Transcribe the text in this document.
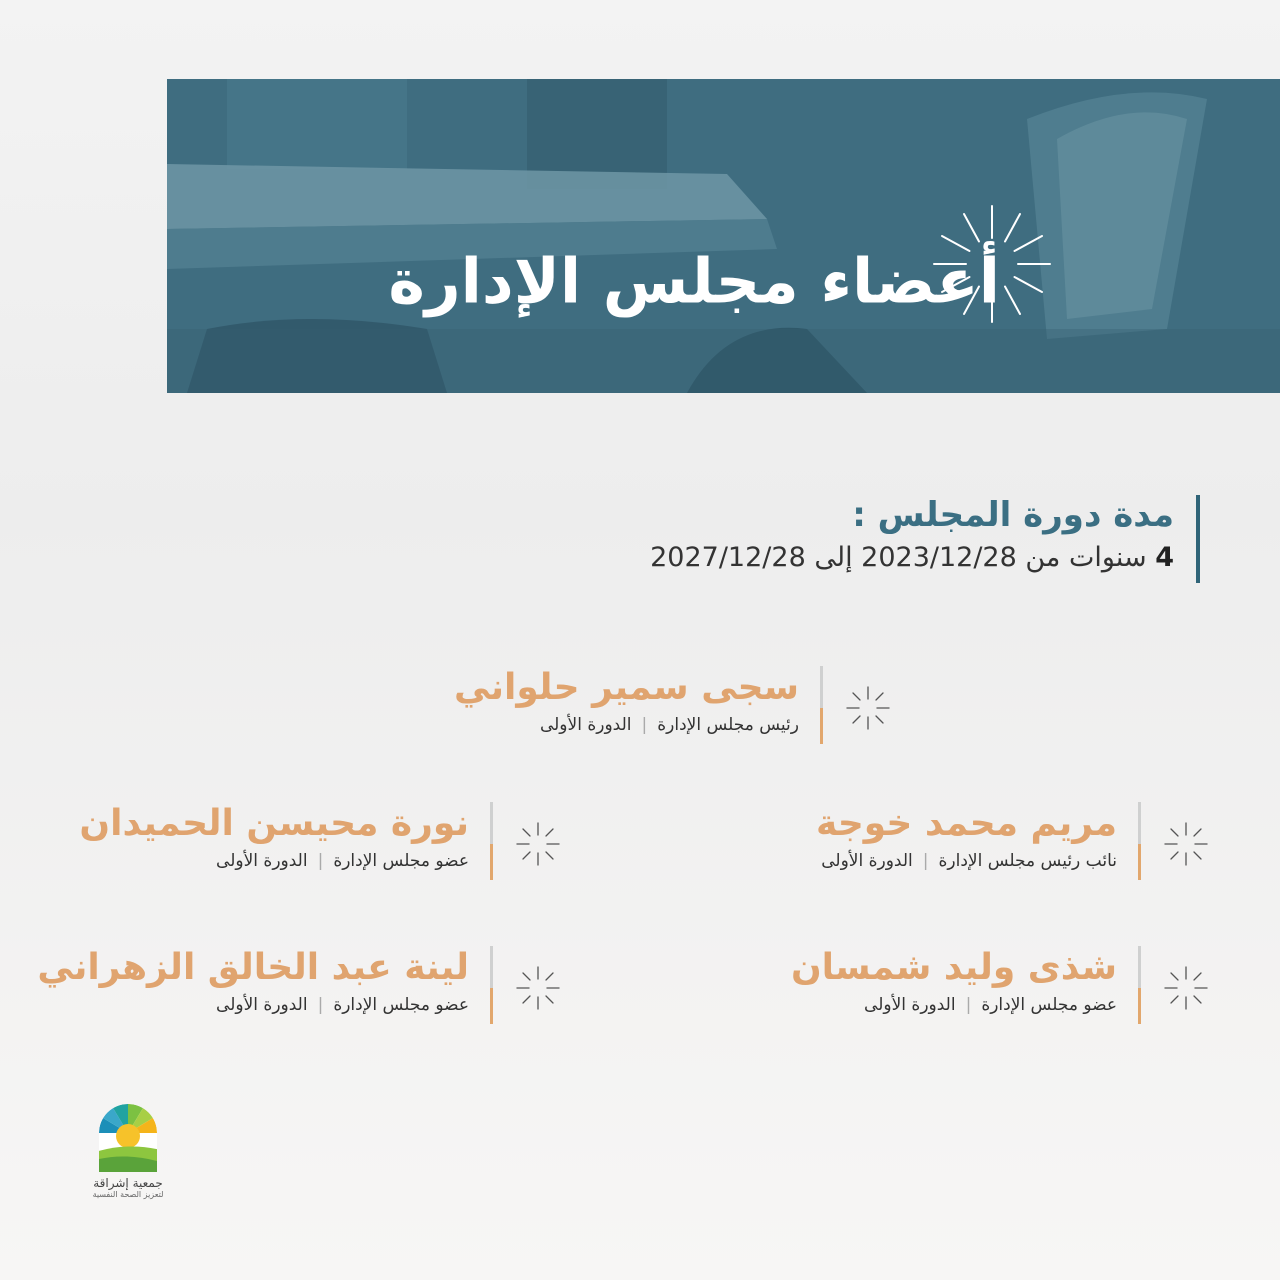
أعضاء مجلس الإدارة
مدة دورة المجلس :
4 سنوات من 2023/12/28 إلى 2027/12/28
سجى سمير حلواني
رئيس مجلس الإدارة|الدورة الأولى
مريم محمد خوجة
نائب رئيس مجلس الإدارة|الدورة الأولى
نورة محيسن الحميدان
عضو مجلس الإدارة|الدورة الأولى
شذى وليد شمسان
عضو مجلس الإدارة|الدورة الأولى
لينة عبد الخالق الزهراني
عضو مجلس الإدارة|الدورة الأولى
جمعية إشراقة
لتعزيز الصحة النفسية
